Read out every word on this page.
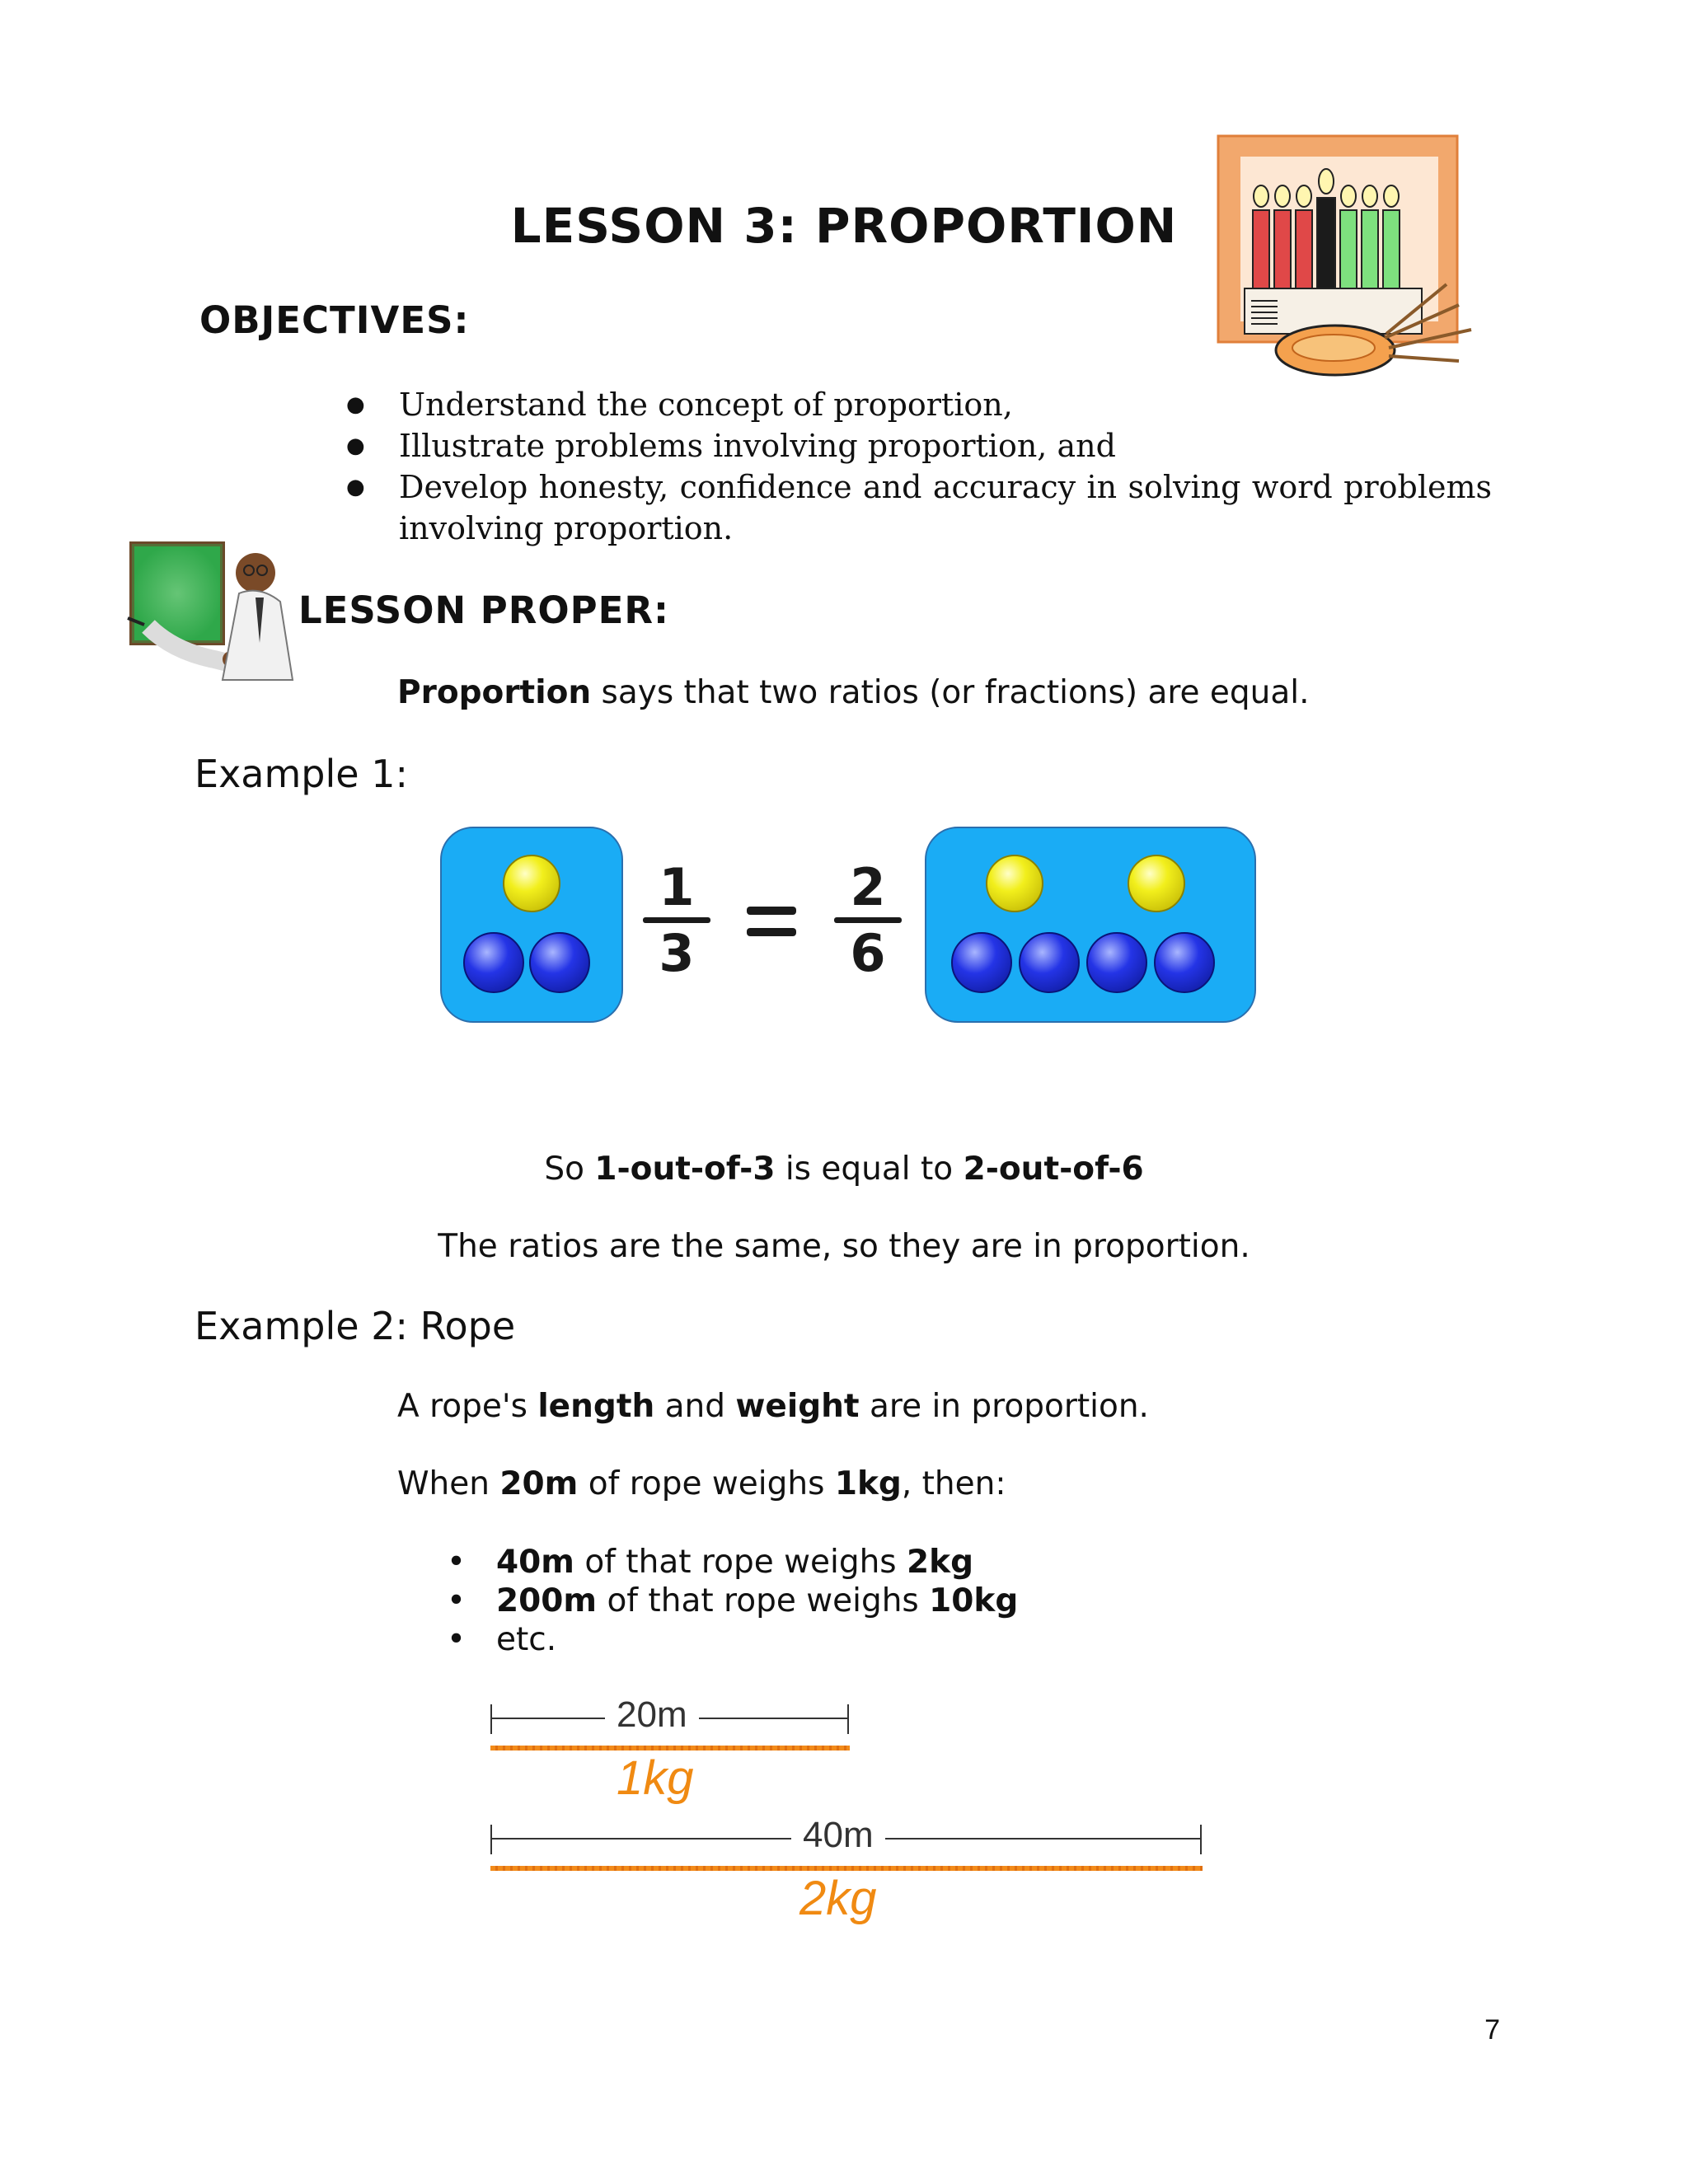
LESSON 3: PROPORTION
OBJECTIVES:
● Understand the concept of proportion,
● Illustrate problems involving proportion, and
● Develop honesty, confidence and accuracy in solving word problems involving proportion.
LESSON PROPER:
Proportion says that two ratios (or fractions) are equal.
Example 1:
1
3
2
6
So 1-out-of-3 is equal to 2-out-of-6
The ratios are the same, so they are in proportion.
Example 2: Rope
A rope's length and weight are in proportion.
When 20m of rope weighs 1kg, then:
• 40m of that rope weighs 2kg
• 200m of that rope weighs 10kg
• etc.
20m
1kg
40m
2kg
7
